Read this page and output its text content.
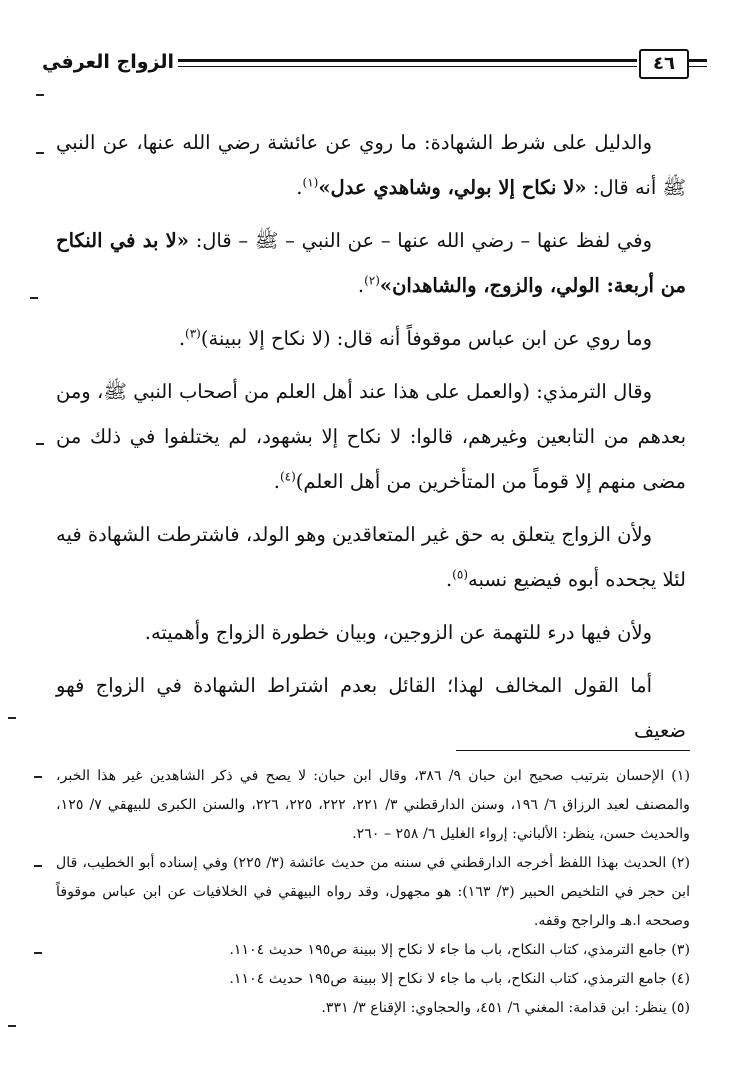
الزواج العرفي	٤٦

والدليل على شرط الشهادة: ما روي عن عائشة رضي الله عنها، عن النبي ﷺ أنه قال: «لا نكاح إلا بولي، وشاهدي عدل»$^{(١)}$.

وفي لفظ عنها – رضي الله عنها – عن النبي – ﷺ – قال: «لا بد في النكاح من أربعة: الولي، والزوج، والشاهدان»$^{(٢)}$.

وما روي عن ابن عباس موقوفاً أنه قال: (لا نكاح إلا ببينة)$^{(٣)}$.

وقال الترمذي: (والعمل على هذا عند أهل العلم من أصحاب النبي ﷺ، ومن بعدهم من التابعين وغيرهم، قالوا: لا نكاح إلا بشهود، لم يختلفوا في ذلك من مضى منهم إلا قوماً من المتأخرين من أهل العلم)$^{(٤)}$.

ولأن الزواج يتعلق به حق غير المتعاقدين وهو الولد، فاشترطت الشهادة فيه لئلا يجحده أبوه فيضيع نسبه$^{(٥)}$.

ولأن فيها درء للتهمة عن الزوجين، وبيان خطورة الزواج وأهميته.

أما القول المخالف لهذا؛ القائل بعدم اشتراط الشهادة في الزواج فهو ضعيف

(١) الإحسان بترتيب صحيح ابن حبان ٩/ ٣٨٦، وقال ابن حبان: لا يصح في ذكر الشاهدين غير هذا الخبر، والمصنف لعبد الرزاق ٦/ ١٩٦، وسنن الدارقطني ٣/ ٢٢١، ٢٢٢، ٢٢٥، ٢٢٦، والسنن الكبرى للبيهقي ٧/ ١٢٥، والحديث حسن، ينظر: الألباني: إرواء الغليل ٦/ ٢٥٨ – ٢٦٠.

(٢) الحديث بهذا اللفظ أخرجه الدارقطني في سننه من حديث عائشة (٣/ ٢٢٥) وفي إسناده أبو الخطيب، قال ابن حجر في التلخيص الحبير (٣/ ١٦٣): هو مجهول، وقد رواه البيهقي في الخلافيات عن ابن عباس موقوفاً وصححه ا.هـ والراجح وقفه.

(٣) جامع الترمذي، كتاب النكاح، باب ما جاء لا نكاح إلا ببينة ص١٩٥ حديث ١١٠٤.

(٤) جامع الترمذي، كتاب النكاح، باب ما جاء لا نكاح إلا ببينة ص١٩٥ حديث ١١٠٤.

(٥) ينظر: ابن قدامة: المغني ٦/ ٤٥١، والحجاوي: الإقناع ٣/ ٣٣١.
